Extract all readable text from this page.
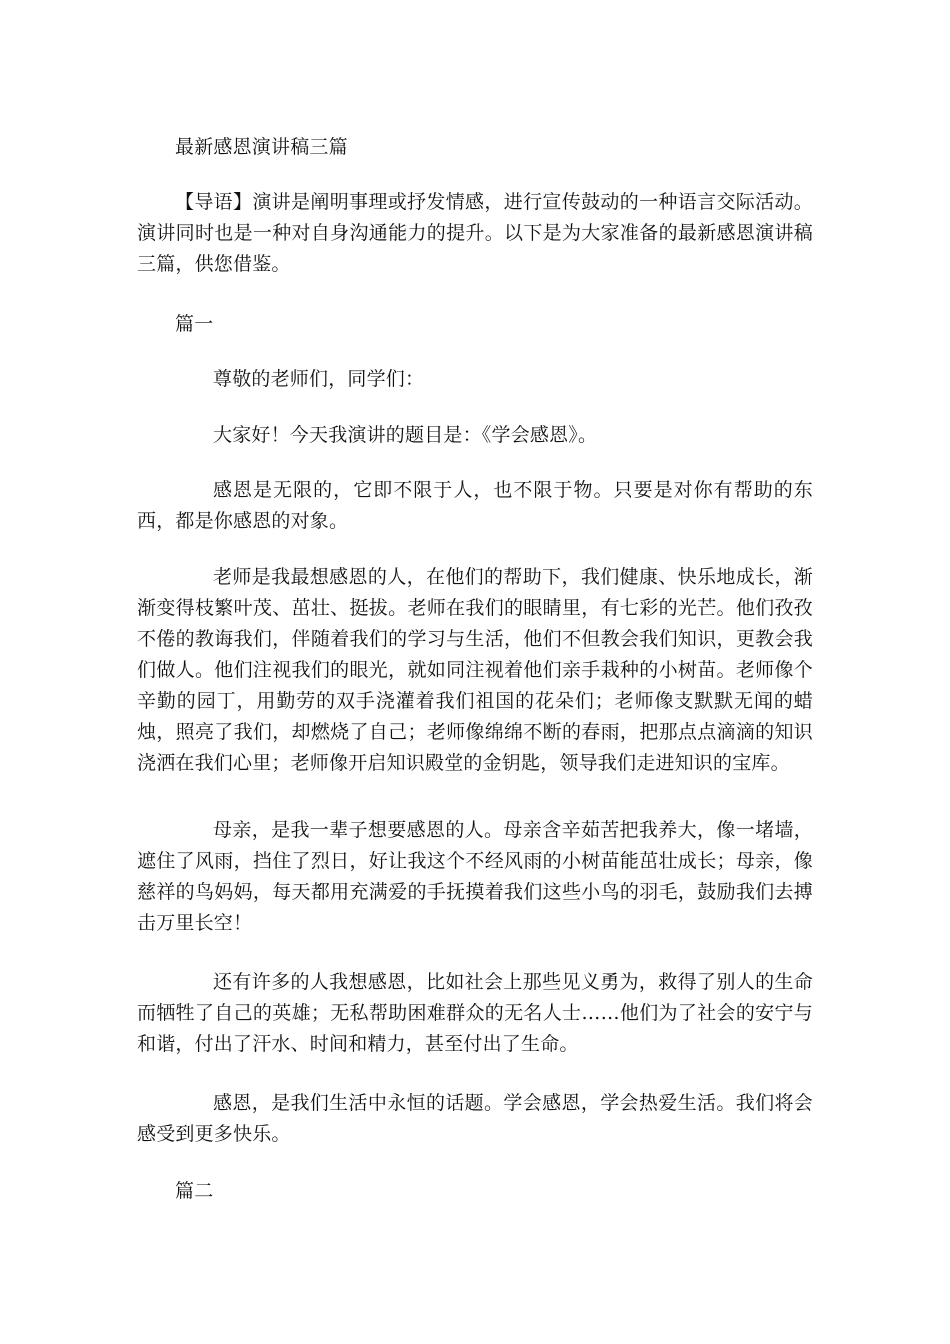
最新感恩演讲稿三篇

【导语】演讲是阐明事理或抒发情感，进行宣传鼓动的一种语言交际活动。演讲同时也是一种对自身沟通能力的提升。以下是为大家准备的最新感恩演讲稿三篇，供您借鉴。

篇一

尊敬的老师们，同学们：

大家好！今天我演讲的题目是：《学会感恩》。

感恩是无限的，它即不限于人，也不限于物。只要是对你有帮助的东西，都是你感恩的对象。

老师是我最想感恩的人，在他们的帮助下，我们健康、快乐地成长，渐渐变得枝繁叶茂、茁壮、挺拔。老师在我们的眼睛里，有七彩的光芒。他们孜孜不倦的教诲我们，伴随着我们的学习与生活，他们不但教会我们知识，更教会我们做人。他们注视我们的眼光，就如同注视着他们亲手栽种的小树苗。老师像个辛勤的园丁，用勤劳的双手浇灌着我们祖国的花朵们；老师像支默默无闻的蜡烛，照亮了我们，却燃烧了自己；老师像绵绵不断的春雨，把那点点滴滴的知识浇洒在我们心里；老师像开启知识殿堂的金钥匙，领导我们走进知识的宝库。

母亲，是我一辈子想要感恩的人。母亲含辛茹苦把我养大，像一堵墙，遮住了风雨，挡住了烈日，好让我这个不经风雨的小树苗能茁壮成长；母亲，像慈祥的鸟妈妈，每天都用充满爱的手抚摸着我们这些小鸟的羽毛，鼓励我们去搏击万里长空！

还有许多的人我想感恩，比如社会上那些见义勇为，救得了别人的生命而牺牲了自己的英雄；无私帮助困难群众的无名人士……他们为了社会的安宁与和谐，付出了汗水、时间和精力，甚至付出了生命。

感恩，是我们生活中永恒的话题。学会感恩，学会热爱生活。我们将会感受到更多快乐。

篇二
